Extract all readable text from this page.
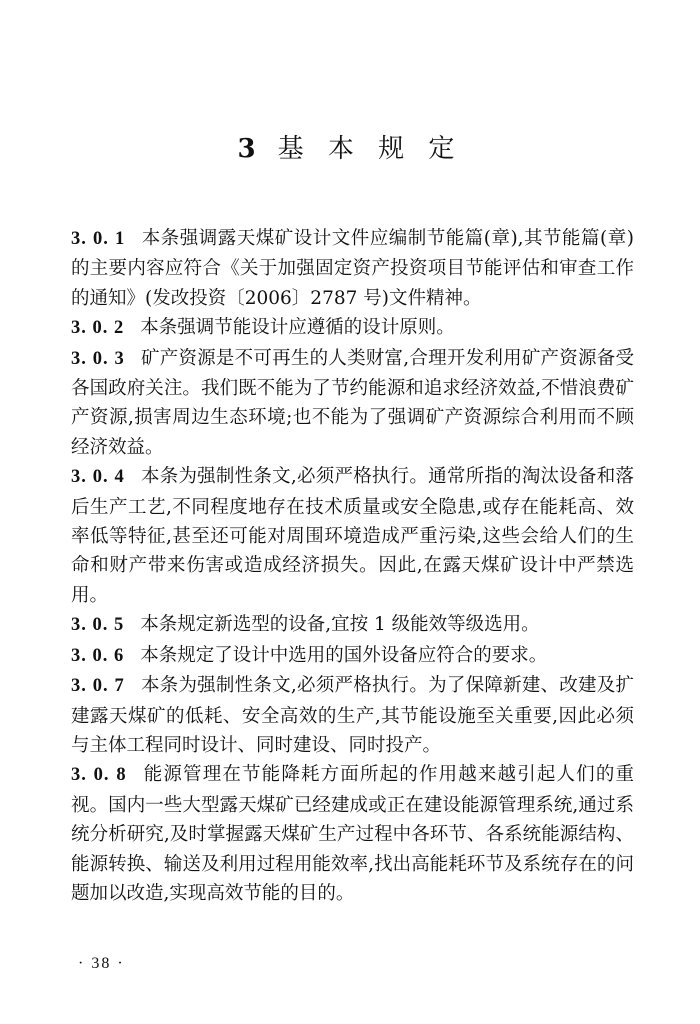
3 基 本 规 定
3. 0. 1 本条强调露天煤矿设计文件应编制节能篇(章),其节能篇(章)的主要内容应符合《关于加强固定资产投资项目节能评估和审查工作的通知》(发改投资〔2006〕2787 号)文件精神。
3. 0. 2 本条强调节能设计应遵循的设计原则。
3. 0. 3 矿产资源是不可再生的人类财富,合理开发利用矿产资源备受各国政府关注。我们既不能为了节约能源和追求经济效益,不惜浪费矿产资源,损害周边生态环境;也不能为了强调矿产资源综合利用而不顾经济效益。
3. 0. 4 本条为强制性条文,必须严格执行。通常所指的淘汰设备和落后生产工艺,不同程度地存在技术质量或安全隐患,或存在能耗高、效率低等特征,甚至还可能对周围环境造成严重污染,这些会给人们的生命和财产带来伤害或造成经济损失。因此,在露天煤矿设计中严禁选用。
3. 0. 5 本条规定新选型的设备,宜按 1 级能效等级选用。
3. 0. 6 本条规定了设计中选用的国外设备应符合的要求。
3. 0. 7 本条为强制性条文,必须严格执行。为了保障新建、改建及扩建露天煤矿的低耗、安全高效的生产,其节能设施至关重要,因此必须与主体工程同时设计、同时建设、同时投产。
3. 0. 8 能源管理在节能降耗方面所起的作用越来越引起人们的重视。国内一些大型露天煤矿已经建成或正在建设能源管理系统,通过系统分析研究,及时掌握露天煤矿生产过程中各环节、各系统能源结构、能源转换、输送及利用过程用能效率,找出高能耗环节及系统存在的问题加以改造,实现高效节能的目的。
· 38 ·
